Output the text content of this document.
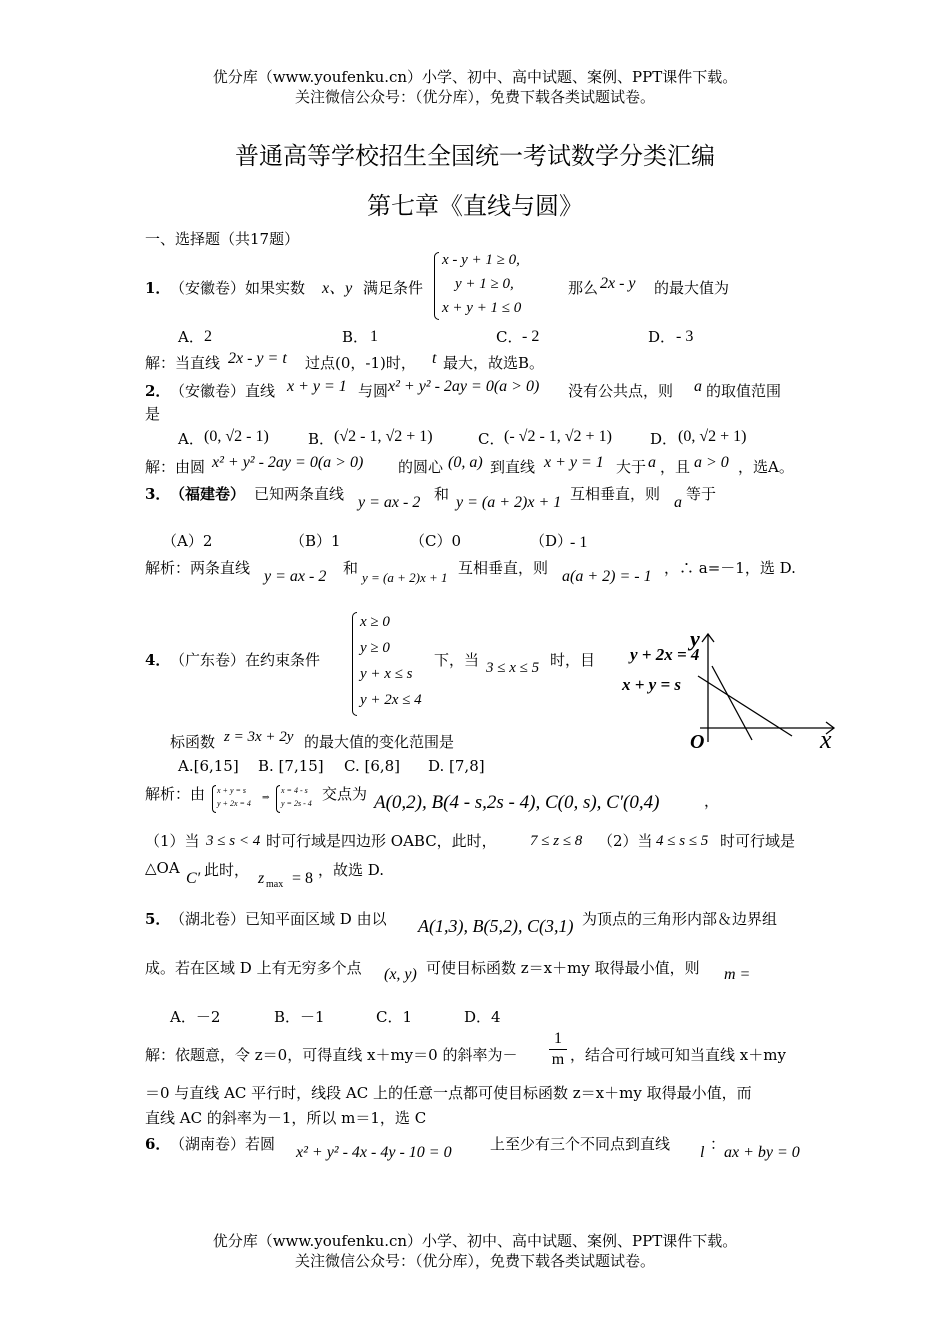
优分库（www.youfenku.cn）小学、初中、高中试题、案例、PPT课件下载。
关注微信公众号：（优分库），免费下载各类试题试卷。
普通高等学校招生全国统一考试数学分类汇编
第七章《直线与圆》
一、选择题（共17题）
1． （安徽卷）如果实数 x、y 满足条件
x - y + 1 ≥ 0,
y + 1 ≥ 0,
x + y + 1 ≤ 0
那么 2x - y 的最大值为
A． 2	B． 1	C． - 2	D． - 3
解：当直线 2x - y = t 过点(0，-1)时， t 最大，故选B。
2． （安徽卷）直线 x + y = 1 与圆 x² + y² - 2ay = 0(a > 0) 没有公共点，则 a 的取值范围
是
A． (0, √2 - 1)	B． (√2 - 1, √2 + 1)	C． (- √2 - 1, √2 + 1)	D． (0, √2 + 1)
解：由圆 x² + y² - 2ay = 0(a > 0) 的圆心 (0, a) 到直线 x + y = 1 大于 a ，且 a > 0 ，选A。
3． （福建卷） 已知两条直线 y = ax - 2 和 y = (a + 2)x + 1 互相垂直，则 a 等于
（A）2	（B）1	（C）0	（D）
- 1
解析：两条直线 y = ax - 2 和
y = (a + 2)x + 1
互相垂直，则 a(a + 2) = - 1 ，∴ a=－1，选 D.
4． （广东卷）在约束条件
x ≥ 0
y ≥ 0
y + x ≤ s
y + 2x ≤ 4
下，当 3 ≤ x ≤ 5 时，目
y
x
O
y + 2x = 4
x + y = s
标函数 z = 3x + 2y 的最大值的变化范围是
A.[6,15] B. [7,15] C. [6,8] D. [7,8]
解析：由 x + y = s
y + 2x = 4
⇒
x = 4 - s
y = 2s - 4
交点为 A(0,2), B(4 - s,2s - 4), C(0, s), C′(0,4)	，
（1）当 3 ≤ s < 4 时可行域是四边形 OABC，此时， 7 ≤ z ≤ 8 （2）当 4 ≤ s ≤ 5 时可行域是
△OA
C′ 此时， z max = 8 ，故选 D.
5． （湖北卷）已知平面区域 D 由以 A(1,3), B(5,2), C(3,1) 为顶点的三角形内部＆边界组
成。若在区域 D 上有无穷多个点 (x, y) 可使目标函数 z＝x＋my 取得最小值，则 m =
A．－2	B．－1	C．1	D．4
解：依题意，令 z＝0，可得直线 x＋my＝0 的斜率为－
1
m ，结合可行域可知当直线 x＋my
＝0 与直线 AC 平行时，线段 AC 上的任意一点都可使目标函数 z＝x＋my 取得最小值，而
直线 AC 的斜率为－1，所以 m＝1，选 C
6． （湖南卷）若圆 x² + y² - 4x - 4y - 10 = 0	上至少有三个不同点到直线 l ：
ax + by = 0
优分库（www.youfenku.cn）小学、初中、高中试题、案例、PPT课件下载。
关注微信公众号：（优分库），免费下载各类试题试卷。
